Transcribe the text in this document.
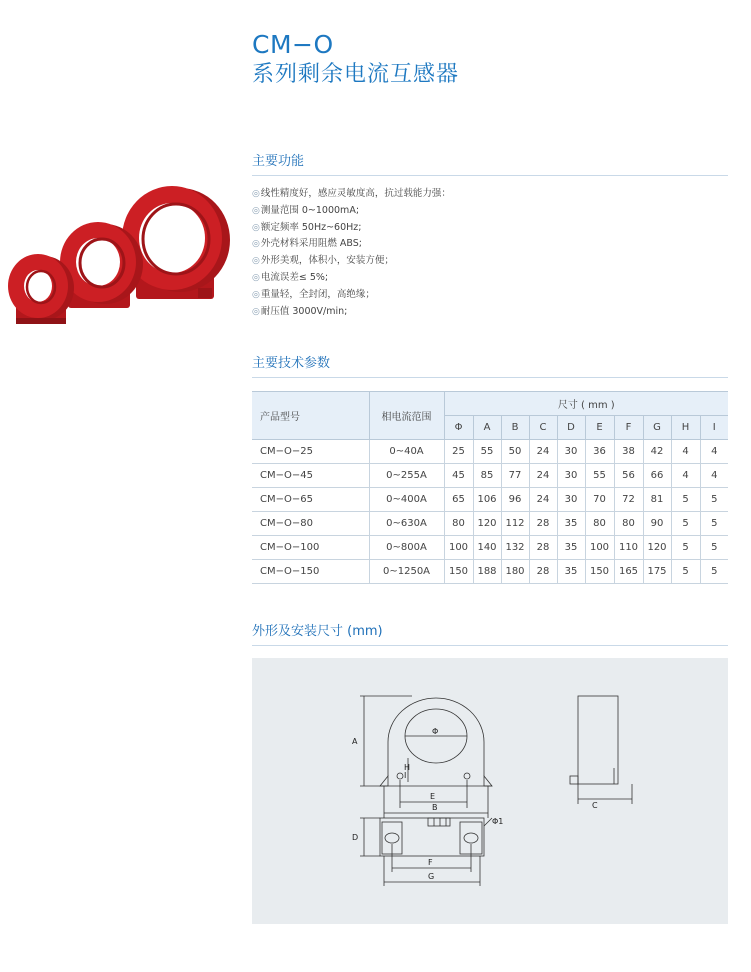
CM−O
系列剩余电流互感器
主要功能
◎线性精度好，感应灵敏度高，抗过载能力强：
◎测量范围 0~1000mA;
◎额定频率 50Hz~60Hz;
◎外壳材料采用阻燃 ABS;
◎外形美观，体积小，安装方便；
◎电流误差≤ 5%;
◎重量轻，全封闭，高绝缘；
◎耐压值 3000V/min;
主要技术参数
产品型号	相电流范围	尺寸 ( mm )									
		Φ	A	B	C	D	E	F	G	H	I
CM−O−25	0~40A	25	55	50	24	30	36	38	42	4	4
CM−O−45	0~255A	45	85	77	24	30	55	56	66	4	4
CM−O−65	0~400A	65	106	96	24	30	70	72	81	5	5
CM−O−80	0~630A	80	120	112	28	35	80	80	90	5	5
CM−O−100	0~800A	100	140	132	28	35	100	110	120	5	5
CM−O−150	0~1250A	150	188	180	28	35	150	165	175	5	5
外形及安装尺寸 (mm)
Φ
A
H
I
E
B	C
D
Φ1
F
G
